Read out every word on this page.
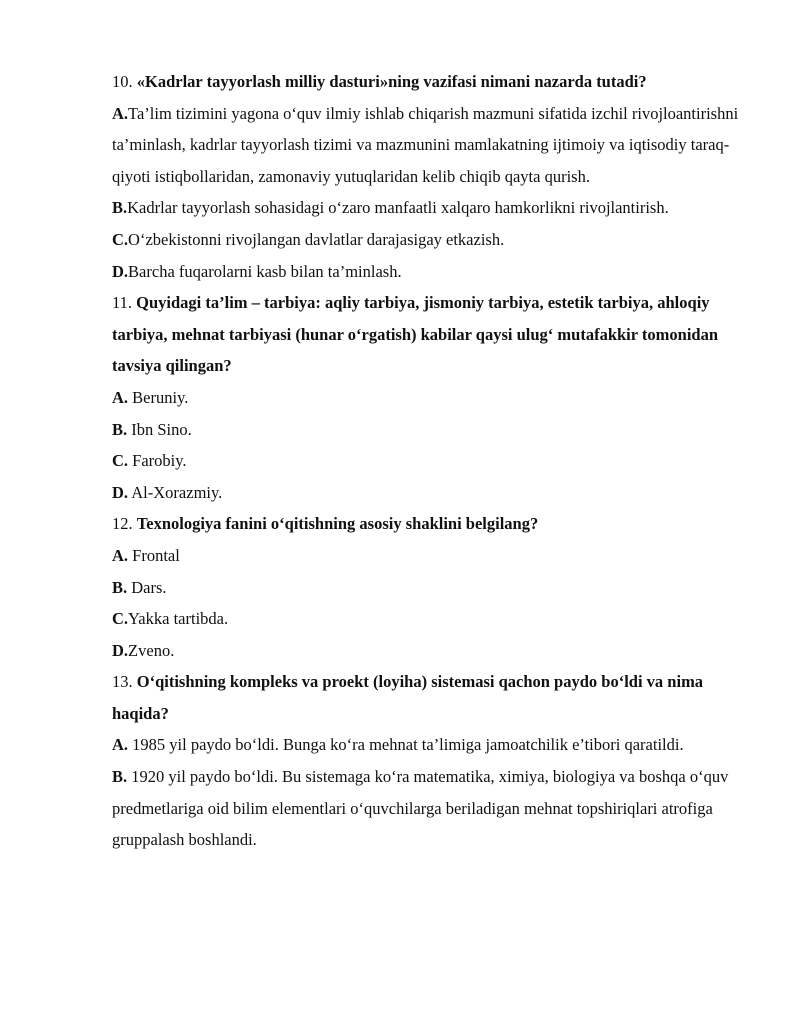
10. «Kadrlar tayyorlash milliy dasturi»ning vazifasi nimani nazarda tutadi?

A.Ta’lim tizimini yagona o‘quv ilmiy ishlab chiqarish mazmuni sifatida izchil rivojloantirishni ta’minlash, kadrlar tayyorlash tizimi va mazmunini mamlakatning ijtimoiy va iqtisodiy taraq-qiyoti istiqbollaridan, zamonaviy yutuqlaridan kelib chiqib qayta qurish.

B.Kadrlar tayyorlash sohasidagi o‘zaro manfaatli xalqaro hamkorlikni rivojlantirish.

C.O‘zbekistonni rivojlangan davlatlar darajasigay etkazish.

D.Barcha fuqarolarni kasb bilan ta’minlash.

11. Quyidagi ta’lim – tarbiya: aqliy tarbiya, jismoniy tarbiya, estetik tarbiya, ahloqiy tarbiya, mehnat tarbiyasi (hunar o‘rgatish) kabilar qaysi ulug‘ mutafakkir tomonidan tavsiya qilingan?

A. Beruniy.

B. Ibn Sino.

C. Farobiy.

D. Al-Xorazmiy.

12. Texnologiya fanini o‘qitishning asosiy shaklini belgilang?

A. Frontal

B. Dars.

C.Yakka tartibda.

D.Zveno.

13. O‘qitishning kompleks va proekt (loyiha) sistemasi qachon paydo bo‘ldi va nima haqida?

A. 1985 yil paydo bo‘ldi. Bunga ko‘ra mehnat ta’limiga jamoatchilik e’tibori qaratildi.

B. 1920 yil paydo bo‘ldi. Bu sistemaga ko‘ra matematika, ximiya, biologiya va boshqa o‘quv predmetlariga oid bilim elementlari o‘quvchilarga beriladigan mehnat topshiriqlari atrofiga gruppalash boshlandi.
